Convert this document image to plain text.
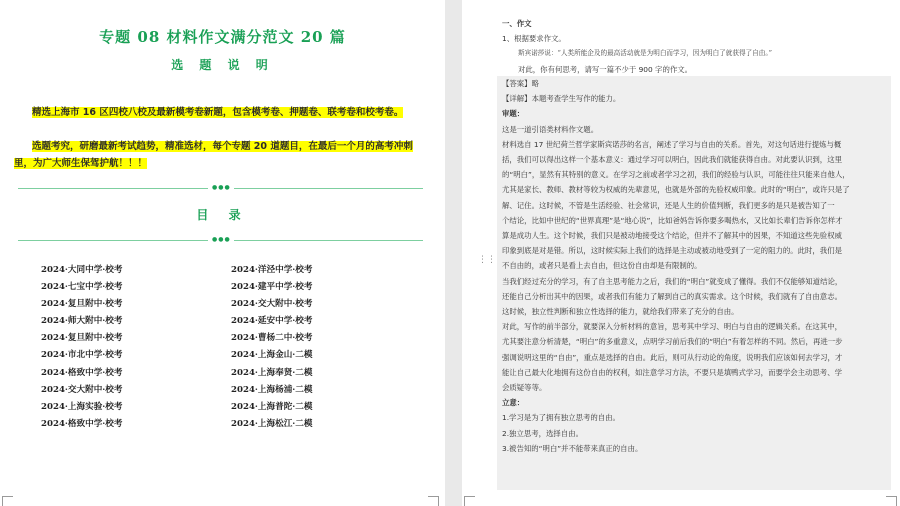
专题 08 材料作文满分范文 20 篇
选 题 说 明
精选上海市 16 区四校八校及最新模考卷新题，包含模考卷、押题卷、联考卷和校考卷。
选题考究，研磨最新考试趋势，精准选材，每个专题 20 道题目，在最后一个月的高考冲刺里，为广大师生保驾护航！！！
●●●
目 录
●●●
2024·大同中学·校考
2024·七宝中学·校考
2024·复旦附中·校考
2024·师大附中·校考
2024·复旦附中·校考
2024·市北中学·校考
2024·格致中学·校考
2024·交大附中·校考
2024·上海实验·校考
2024·格致中学·校考
2024·洋泾中学·校考
2024·建平中学·校考
2024·交大附中·校考
2024·延安中学·校考
2024·曹杨二中·校考
2024·上海金山·二模
2024·上海奉贤·二模
2024·上海杨浦·二模
2024·上海普陀·二模
2024·上海松江·二模
⋮⋮
一、作文
1、根据要求作文。
斯宾诺莎说：“人类所能企及的最高活动就是为明白而学习，因为明白了就获得了自由。”
对此，你有何思考，请写一篇不少于 900 字的作文。
【答案】略
【详解】本题考查学生写作的能力。
审题：
这是一道引语类材料作文题。
材料选自 17 世纪荷兰哲学家斯宾诺莎的名言，阐述了学习与自由的关系。首先，对这句话进行提炼与概
括，我们可以得出这样一个基本意义：通过学习可以明白，因此我们就能获得自由。对此要认识到，这里
的“明白”，显然有其特别的意义。在学习之前或者学习之初，我们的经验与认识，可能往往只能来自他人，
尤其是家长、教师、教材等较为权威的先辈意见，也就是外部的先验权威印象。此时的“明白”，或许只是了
解、记住。这时候，不管是生活经验、社会常识，还是人生的价值判断，我们更多的是只是被告知了一
个结论，比如中世纪的“世界真理”是“地心说”，比如爸妈告诉你要多喝热水，又比如长辈们告诉你怎样才
算是成功人生。这个时候，我们只是被动地接受这个结论，但并不了解其中的因果，不知道这些先验权威
印象到底是对是错。所以，这时候实际上我们的选择是主动或被动地受到了一定的阻力的。此时，我们是
不自由的，或者只是看上去自由，但这份自由却是有限制的。
当我们经过充分的学习，有了自主思考能力之后，我们的“明白”就变成了懂得。我们不仅能够知道结论，
还能自己分析出其中的因果，或者我们有能力了解到自己的真实需求。这个时候，我们就有了自由意志。
这时候，独立性判断和独立性选择的能力，就给我们带来了充分的自由。
对此，写作的前半部分，就要深入分析材料的意旨，思考其中学习、明白与自由的逻辑关系。在这其中，
尤其要注意分析清楚，“明白”的多重意义，点明学习前后我们的“明白”有着怎样的不同。然后，再进一步
强调说明这里的“自由”，重点是选择的自由。此后，则可从行动论的角度，说明我们应该如何去学习，才
能让自己最大化地拥有这份自由的权利，如注意学习方法，不要只是填鸭式学习，而要学会主动思考、学
会质疑等等。
立意：
1.学习是为了拥有独立思考的自由。
2.独立思考，选择自由。
3.被告知的“明白”并不能带来真正的自由。
